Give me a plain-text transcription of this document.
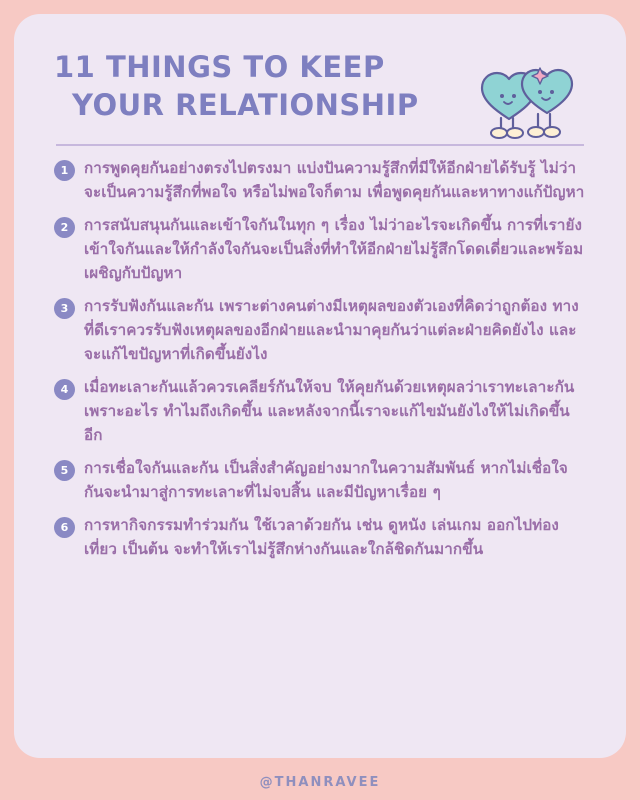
11 THINGS TO KEEP
YOUR RELATIONSHIP
1	การพูดคุยกันอย่างตรงไปตรงมา แบ่งปันความรู้สึกที่มีให้อีกฝ่ายได้รับรู้ ไม่ว่าจะเป็นความรู้สึกที่พอใจ หรือไม่พอใจก็ตาม เพื่อพูดคุยกันและหาทางแก้ปัญหา
2	การสนับสนุนกันและเข้าใจกันในทุก ๆ เรื่อง ไม่ว่าอะไรจะเกิดขึ้น การที่เรายังเข้าใจกันและให้กำลังใจกันจะเป็นสิ่งที่ทำให้อีกฝ่ายไม่รู้สึกโดดเดี่ยวและพร้อมเผชิญกับปัญหา
3	การรับฟังกันและกัน เพราะต่างคนต่างมีเหตุผลของตัวเองที่คิดว่าถูกต้อง ทางที่ดีเราควรรับฟังเหตุผลของอีกฝ่ายและนำมาคุยกันว่าแต่ละฝ่ายคิดยังไง และจะแก้ไขปัญหาที่เกิดขึ้นยังไง
4	เมื่อทะเลาะกันแล้วควรเคลียร์กันให้จบ ให้คุยกันด้วยเหตุผลว่าเราทะเลาะกันเพราะอะไร ทำไมถึงเกิดขึ้น และหลังจากนี้เราจะแก้ไขมันยังไงให้ไม่เกิดขึ้นอีก
5	การเชื่อใจกันและกัน เป็นสิ่งสำคัญอย่างมากในความสัมพันธ์ หากไม่เชื่อใจกันจะนำมาสู่การทะเลาะที่ไม่จบสิ้น และมีปัญหาเรื่อย ๆ
6	การหากิจกรรมทำร่วมกัน ใช้เวลาด้วยกัน เช่น ดูหนัง เล่นเกม ออกไปท่องเที่ยว เป็นต้น จะทำให้เราไม่รู้สึกห่างกันและใกล้ชิดกันมากขึ้น
@THANRAVEE
